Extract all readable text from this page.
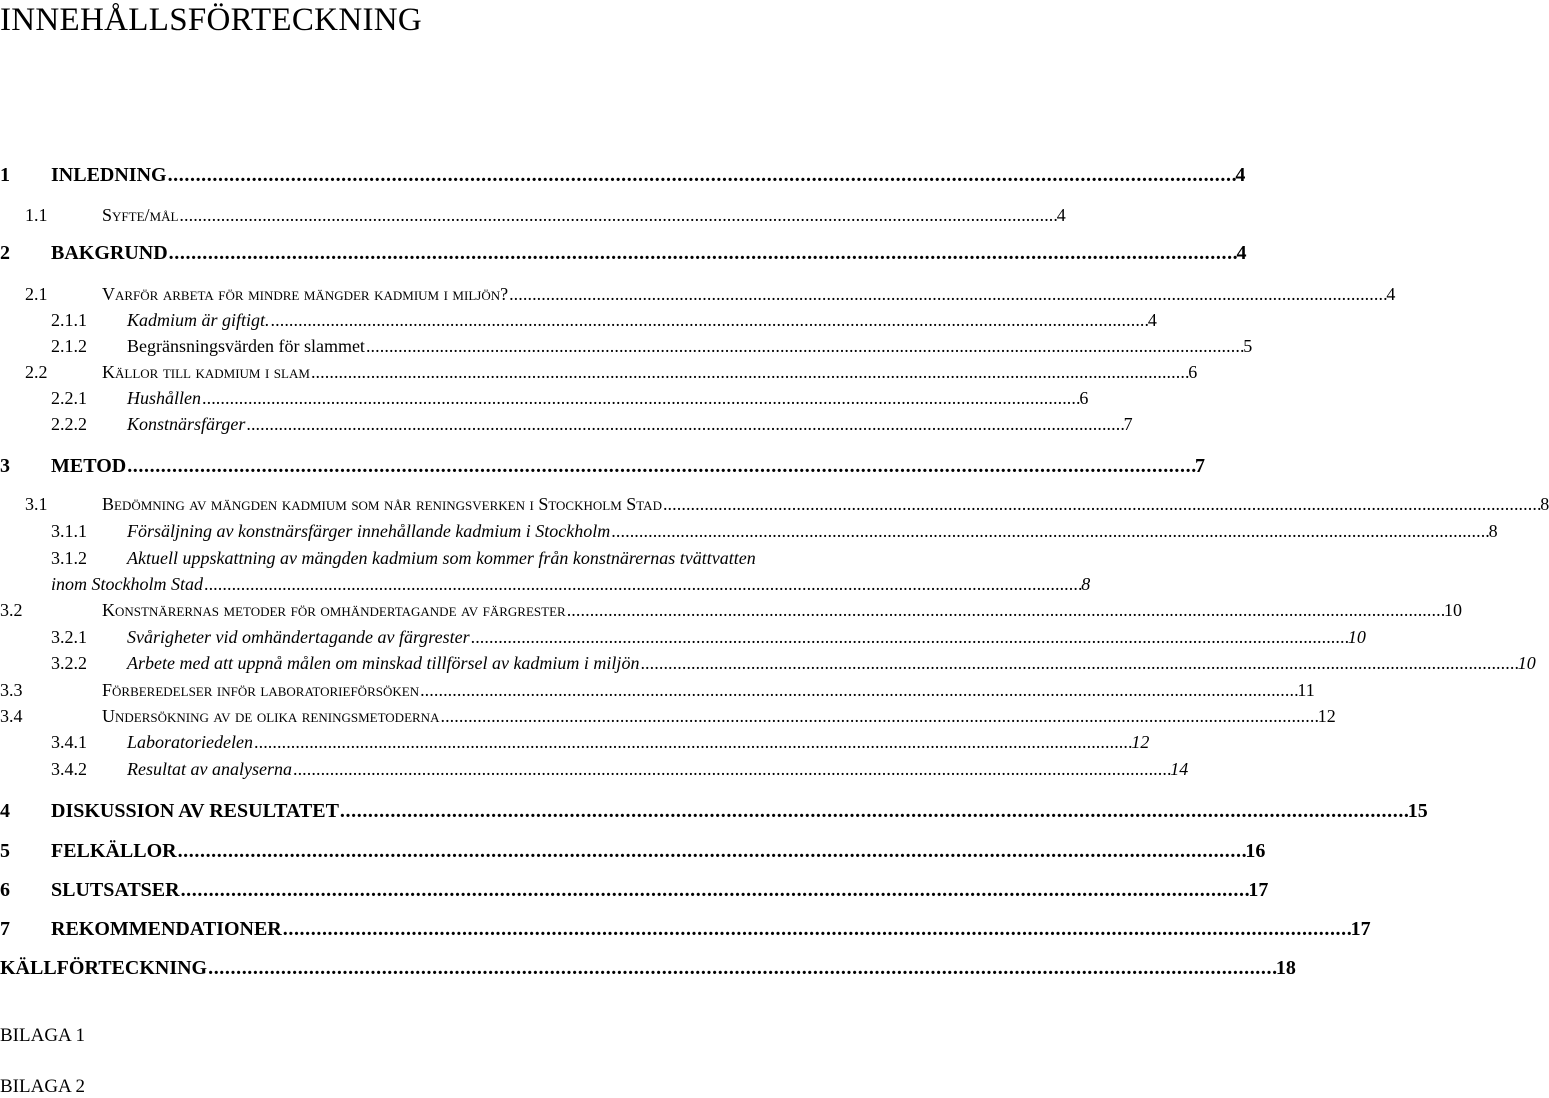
INNEHÅLLSFÖRTECKNING
1	INLEDNING . . .	4
1.1	Syfte/mål . . .	4
2	BAKGRUND . . .	4
2.1	Varför arbeta för mindre mängder kadmium i miljön? . . .	4
2.1.1	Kadmium är giftigt. . . .	4
2.1.2	Begränsningsvärden för slammet . . .	5
2.2	Källor till kadmium i slam . . .	6
2.2.1	Hushållen . . .	6
2.2.2	Konstnärsfärger . . .	7
3	METOD . . .	7
3.1	Bedömning av mängden kadmium som når reningsverken i Stockholm Stad . . .	8
3.1.1	Försäljning av konstnärsfärger innehållande kadmium i Stockholm . . .	8
3.1.2	Aktuell uppskattning av mängden kadmium som kommer från konstnärernas tvättvatten
inom Stockholm Stad . . .	8
3.2	Konstnärernas metoder för omhändertagande av färgrester . . .	10
3.2.1	Svårigheter vid omhändertagande av färgrester . . .	10
3.2.2	Arbete med att uppnå målen om minskad tillförsel av kadmium i miljön . . .	10
3.3	Förberedelser inför laboratorieförsöken . . .	11
3.4	Undersökning av de olika reningsmetoderna . . .	12
3.4.1	Laboratoriedelen . . .	12
3.4.2	Resultat av analyserna . . .	14
4	DISKUSSION AV RESULTATET . . .	15
5	FELKÄLLOR . . .	16
6	SLUTSATSER . . .	17
7	REKOMMENDATIONER . . .	17
KÄLLFÖRTECKNING . . .	18
BILAGA 1
BILAGA 2
